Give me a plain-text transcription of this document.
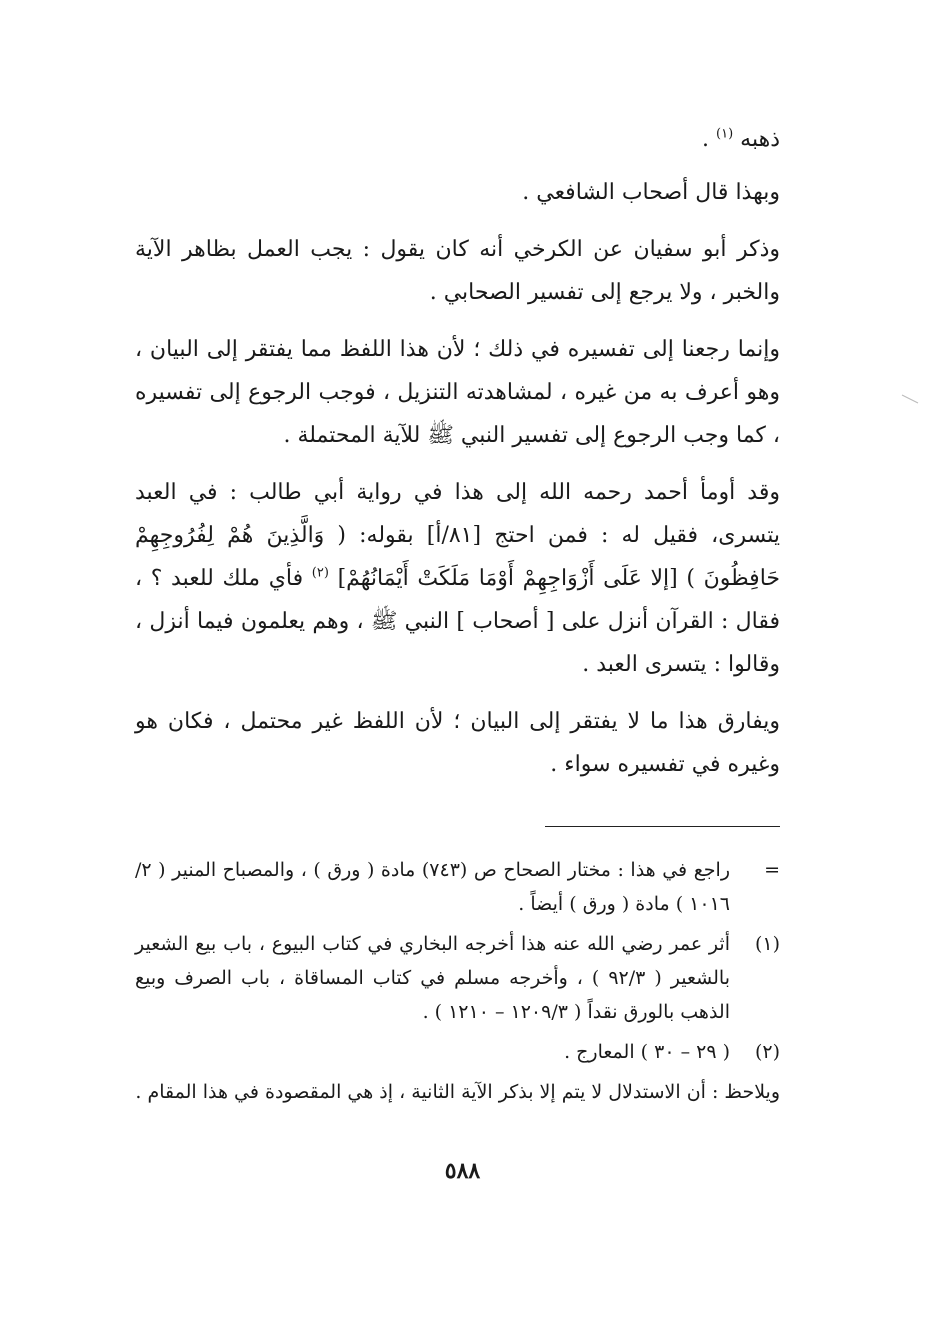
ذهبه $^{(١)}$ .

وبهذا قال أصحاب الشافعي .

وذكر أبو سفيان عن الكرخي أنه كان يقول : يجب العمل بظاهر الآية والخبر ، ولا يرجع إلى تفسير الصحابي .

وإنما رجعنا إلى تفسيره في ذلك ؛ لأن هذا اللفظ مما يفتقر إلى البيان ، وهو أعرف به من غيره ، لمشاهدته التنزيل ، فوجب الرجوع إلى تفسيره ، كما وجب الرجوع إلى تفسير النبي ﷺ للآية المحتملة .

وقد أومأ أحمد رحمه الله إلى هذا في رواية أبي طالب : في العبد يتسرى، فقيل له : فمن احتج [٨١/أ] بقوله: ( وَالَّذِينَ هُمْ لِفُرُوجِهِمْ حَافِظُونَ ) [إلا عَلَى أَزْوَاجِهِمْ أَوْمَا مَلَكَتْ أَيْمَانُهُمْ] $^{(٢)}$ فأي ملك للعبد ؟ ، فقال : القرآن أنزل على [ أصحاب ] النبي ﷺ ، وهم يعلمون فيما أنزل ، وقالوا : يتسرى العبد .

ويفارق هذا ما لا يفتقر إلى البيان ؛ لأن اللفظ غير محتمل ، فكان هو وغيره في تفسيره سواء .

=
راجع في هذا : مختار الصحاح ص (٧٤٣) مادة ( ورق ) ، والمصباح المنير ( ٢/ ١٠١٦ ) مادة ( ورق ) أيضاً .
(١)
أثر عمر رضي الله عنه هذا أخرجه البخاري في كتاب البيوع ، باب بيع الشعير بالشعير ( ٩٢/٣ ) ، وأخرجه مسلم في كتاب المساقاة ، باب الصرف وبيع الذهب بالورق نقداً ( ١٢٠٩/٣ – ١٢١٠ ) .
(٢)
( ٢٩ – ٣٠ ) المعارج .
ويلاحظ : أن الاستدلال لا يتم إلا بذكر الآية الثانية ، إذ هي المقصودة في هذا المقام .
٥٨٨
